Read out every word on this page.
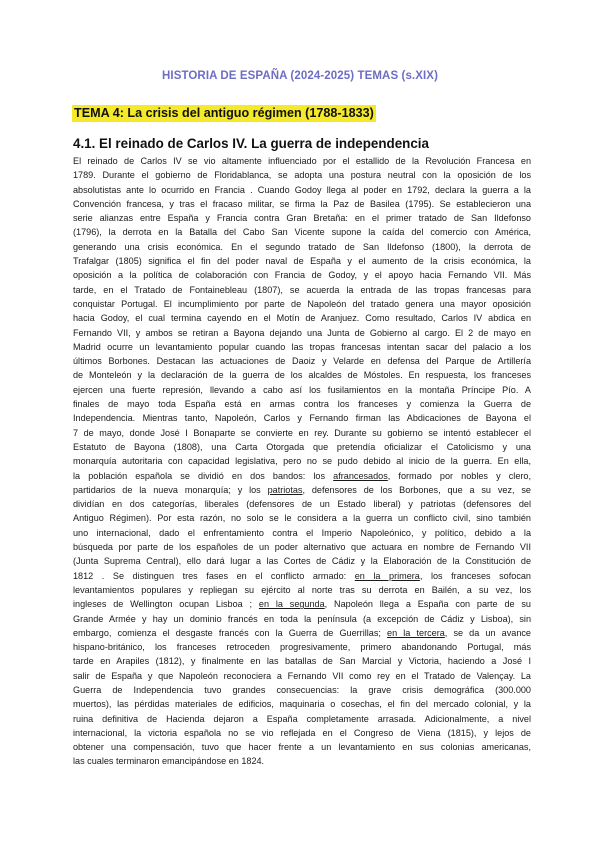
HISTORIA DE ESPAÑA (2024-2025) TEMAS (s.XIX)
TEMA 4: La crisis del antiguo régimen (1788-1833)
4.1. El reinado de Carlos IV. La guerra de independencia
El reinado de Carlos IV se vio altamente influenciado por el estallido de la Revolución Francesa en
1789. Durante el gobierno de Floridablanca, se adopta una postura neutral con la oposición de los
absolutistas ante lo ocurrido en Francia . Cuando Godoy llega al poder en 1792, declara la guerra a la
Convención francesa, y tras el fracaso militar, se firma la Paz de Basilea (1795). Se establecieron una
serie alianzas entre España y Francia contra Gran Bretaña: en el primer tratado de San Ildefonso
(1796), la derrota en la Batalla del Cabo San Vicente supone la caída del comercio con América,
generando una crisis económica. En el segundo tratado de San Ildefonso (1800), la derrota de
Trafalgar (1805) significa el fin del poder naval de España y el aumento de la crisis económica, la
oposición a la política de colaboración con Francia de Godoy, y el apoyo hacia Fernando VII. Más
tarde, en el Tratado de Fontainebleau (1807), se acuerda la entrada de las tropas francesas para
conquistar Portugal. El incumplimiento por parte de Napoleón del tratado genera una mayor oposición
hacia Godoy, el cual termina cayendo en el Motín de Aranjuez. Como resultado, Carlos IV abdica en
Fernando VII, y ambos se retiran a Bayona dejando una Junta de Gobierno al cargo. El 2 de mayo en
Madrid ocurre un levantamiento popular cuando las tropas francesas intentan sacar del palacio a los
últimos Borbones. Destacan las actuaciones de Daoiz y Velarde en defensa del Parque de Artillería
de Monteleón y la declaración de la guerra de los alcaldes de Móstoles. En respuesta, los franceses
ejercen una fuerte represión, llevando a cabo así los fusilamientos en la montaña Príncipe Pío. A
finales de mayo toda España está en armas contra los franceses y comienza la Guerra de
Independencia. Mientras tanto, Napoleón, Carlos y Fernando firman las Abdicaciones de Bayona el
7 de mayo, donde José I Bonaparte se convierte en rey. Durante su gobierno se intentó establecer el
Estatuto de Bayona (1808), una Carta Otorgada que pretendía oficializar el Catolicismo y una
monarquía autoritaria con capacidad legislativa, pero no se pudo debido al inicio de la guerra. En ella,
la población española se dividió en dos bandos: los afrancesados, formado por nobles y clero,
partidarios de la nueva monarquía; y los patriotas, defensores de los Borbones, que a su vez, se
dividían en dos categorías, liberales (defensores de un Estado liberal) y patriotas (defensores del
Antiguo Régimen). Por esta razón, no solo se le considera a la guerra un conflicto civil, sino también
uno internacional, dado el enfrentamiento contra el Imperio Napoleónico, y político, debido a la
búsqueda por parte de los españoles de un poder alternativo que actuara en nombre de Fernando VII
(Junta Suprema Central), ello dará lugar a las Cortes de Cádiz y la Elaboración de la Constitución de
1812 . Se distinguen tres fases en el conflicto armado: en la primera, los franceses sofocan
levantamientos populares y repliegan su ejército al norte tras su derrota en Bailén, a su vez, los
ingleses de Wellington ocupan Lisboa ; en la segunda, Napoleón llega a España con parte de su
Grande Armée y hay un dominio francés en toda la península (a excepción de Cádiz y Lisboa), sin
embargo, comienza el desgaste francés con la Guerra de Guerrillas; en la tercera, se da un avance
hispano-británico, los franceses retroceden progresivamente, primero abandonando Portugal, más
tarde en Arapiles (1812), y finalmente en las batallas de San Marcial y Victoria, haciendo a José I
salir de España y que Napoleón reconociera a Fernando VII como rey en el Tratado de Valençay. La
Guerra de Independencia tuvo grandes consecuencias: la grave crisis demográfica (300.000
muertos), las pérdidas materiales de edificios, maquinaria o cosechas, el fin del mercado colonial, y la
ruina definitiva de Hacienda dejaron a España completamente arrasada. Adicionalmente, a nivel
internacional, la victoria española no se vio reflejada en el Congreso de Viena (1815), y lejos de
obtener una compensación, tuvo que hacer frente a un levantamiento en sus colonias americanas,
las cuales terminaron emancipándose en 1824.
